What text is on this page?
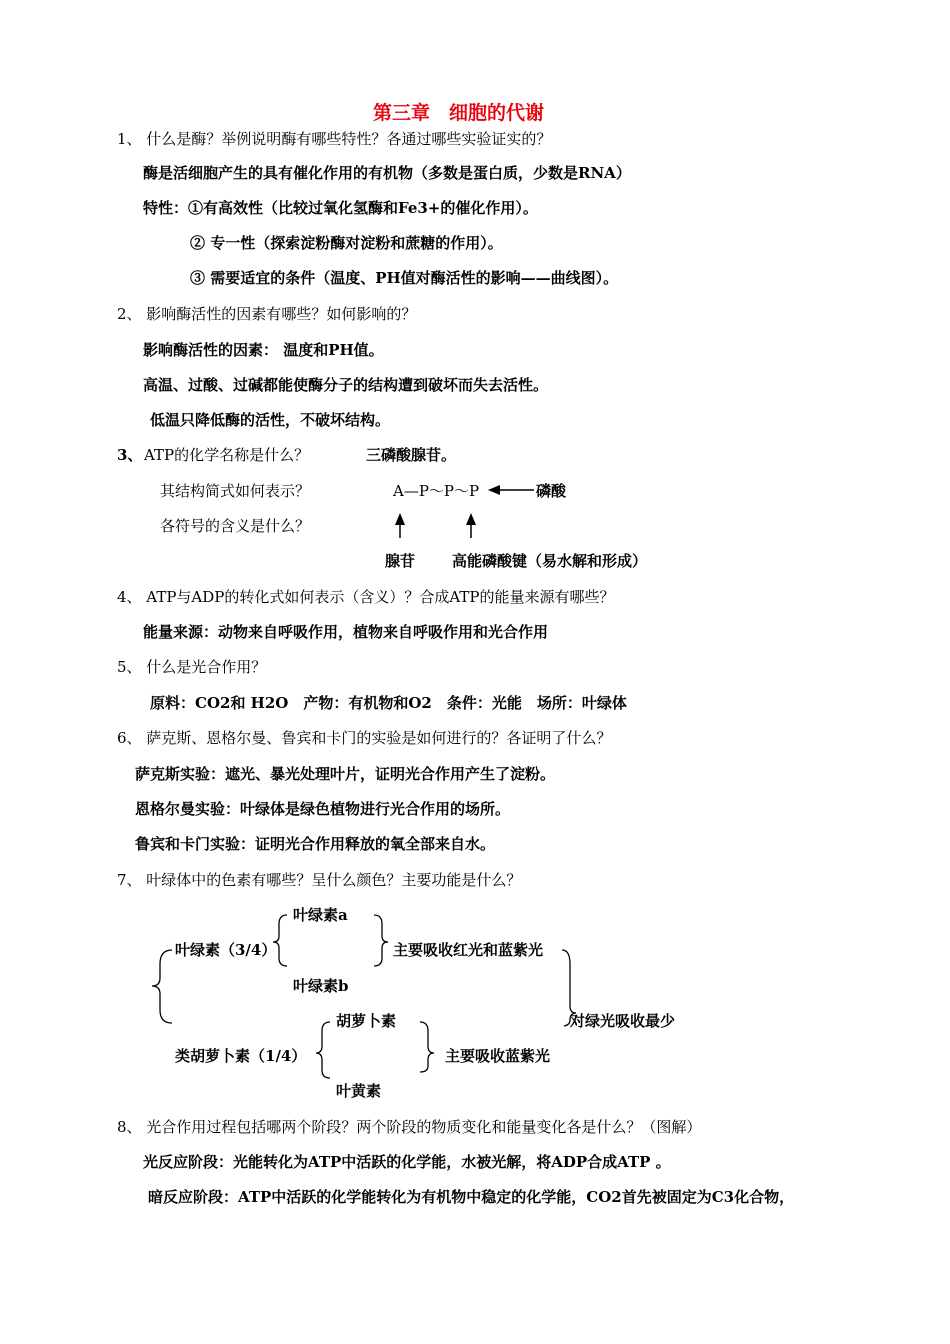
第三章　细胞的代谢
1、 什么是酶？举例说明酶有哪些特性？各通过哪些实验证实的？
酶是活细胞产生的具有催化作用的有机物（多数是蛋白质，少数是RNA）
特性：①有高效性（比较过氧化氢酶和Fe3+的催化作用）。
② 专一性（探索淀粉酶对淀粉和蔗糖的作用）。
③ 需要适宜的条件（温度、PH值对酶活性的影响——曲线图）。
2、 影响酶活性的因素有哪些？如何影响的？
影响酶活性的因素： 温度和PH值。
高温、过酸、过碱都能使酶分子的结构遭到破坏而失去活性。
低温只降低酶的活性，不破坏结构。
3、 ATP的化学名称是什么？	三磷酸腺苷。
其结构简式如何表示？	A—P～P～P	磷酸
各符号的含义是什么？
腺苷 高能磷酸键（易水解和形成）
4、 ATP与ADP的转化式如何表示（含义）？合成ATP的能量来源有哪些？
能量来源：动物来自呼吸作用，植物来自呼吸作用和光合作用
5、 什么是光合作用？
原料：CO2和 H2O　产物：有机物和O2　条件：光能　场所：叶绿体
6、 萨克斯、恩格尔曼、鲁宾和卡门的实验是如何进行的？各证明了什么？
萨克斯实验：遮光、暴光处理叶片，证明光合作用产生了淀粉。
恩格尔曼实验：叶绿体是绿色植物进行光合作用的场所。
鲁宾和卡门实验：证明光合作用释放的氧全部来自水。
7、 叶绿体中的色素有哪些？呈什么颜色？主要功能是什么？
叶绿素a
叶绿素（3/4）	主要吸收红光和蓝紫光
叶绿素b
胡萝卜素	对绿光吸收最少
类胡萝卜素（1/4）	主要吸收蓝紫光
叶黄素
8、 光合作用过程包括哪两个阶段？两个阶段的物质变化和能量变化各是什么？（图解）
光反应阶段：光能转化为ATP中活跃的化学能，水被光解，将ADP合成ATP 。
暗反应阶段：ATP中活跃的化学能转化为有机物中稳定的化学能，CO2首先被固定为C3化合物，
